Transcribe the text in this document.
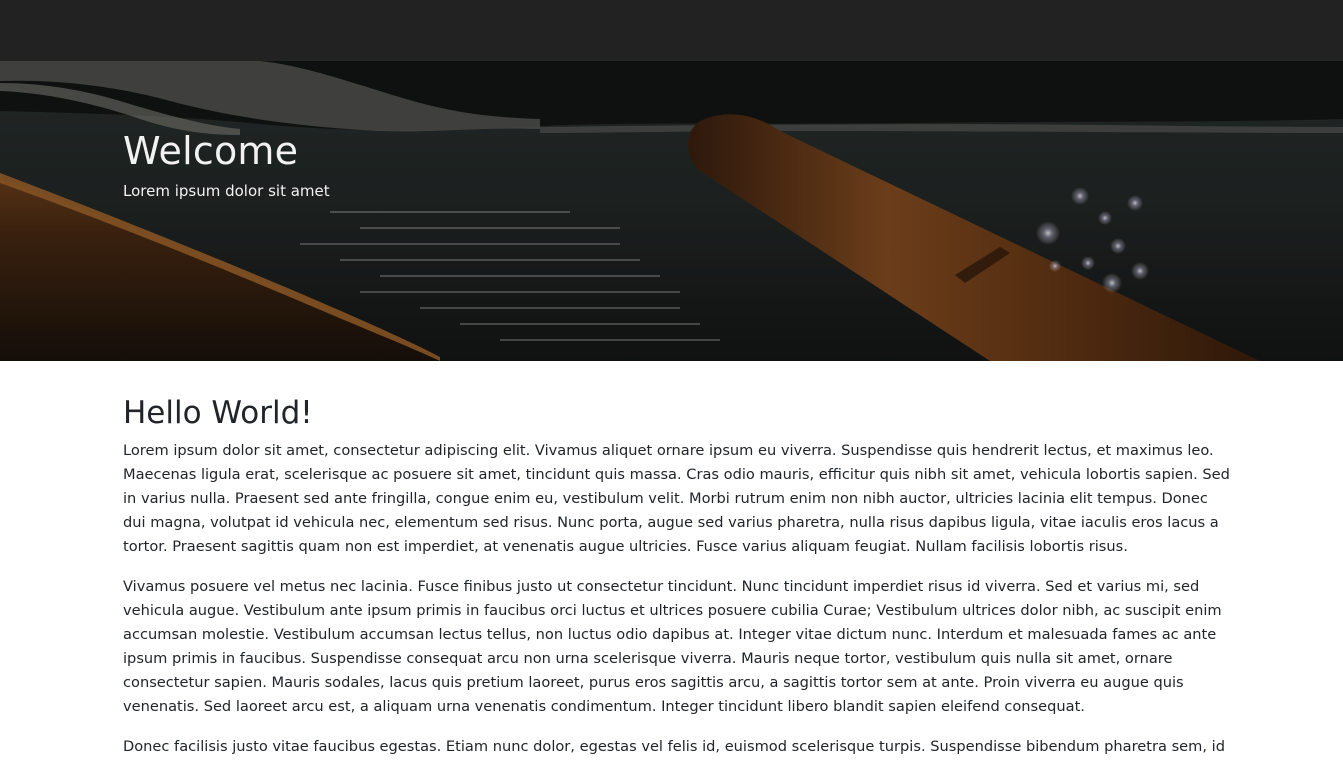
Welcome

Lorem ipsum dolor sit amet

Hello World!

Lorem ipsum dolor sit amet, consectetur adipiscing elit. Vivamus aliquet ornare ipsum eu viverra. Suspendisse quis hendrerit lectus, et maximus leo. Maecenas ligula erat, scelerisque ac posuere sit amet, tincidunt quis massa. Cras odio mauris, efficitur quis nibh sit amet, vehicula lobortis sapien. Sed in varius nulla. Praesent sed ante fringilla, congue enim eu, vestibulum velit. Morbi rutrum enim non nibh auctor, ultricies lacinia elit tempus. Donec dui magna, volutpat id vehicula nec, elementum sed risus. Nunc porta, augue sed varius pharetra, nulla risus dapibus ligula, vitae iaculis eros lacus a tortor. Praesent sagittis quam non est imperdiet, at venenatis augue ultricies. Fusce varius aliquam feugiat. Nullam facilisis lobortis risus.

Vivamus posuere vel metus nec lacinia. Fusce finibus justo ut consectetur tincidunt. Nunc tincidunt imperdiet risus id viverra. Sed et varius mi, sed vehicula augue. Vestibulum ante ipsum primis in faucibus orci luctus et ultrices posuere cubilia Curae; Vestibulum ultrices dolor nibh, ac suscipit enim accumsan molestie. Vestibulum accumsan lectus tellus, non luctus odio dapibus at. Integer vitae dictum nunc. Interdum et malesuada fames ac ante ipsum primis in faucibus. Suspendisse consequat arcu non urna scelerisque viverra. Mauris neque tortor, vestibulum quis nulla sit amet, ornare consectetur sapien. Mauris sodales, lacus quis pretium laoreet, purus eros sagittis arcu, a sagittis tortor sem at ante. Proin viverra eu augue quis venenatis. Sed laoreet arcu est, a aliquam urna venenatis condimentum. Integer tincidunt libero blandit sapien eleifend consequat.

Donec facilisis justo vitae faucibus egestas. Etiam nunc dolor, egestas vel felis id, euismod scelerisque turpis. Suspendisse bibendum pharetra sem, id
